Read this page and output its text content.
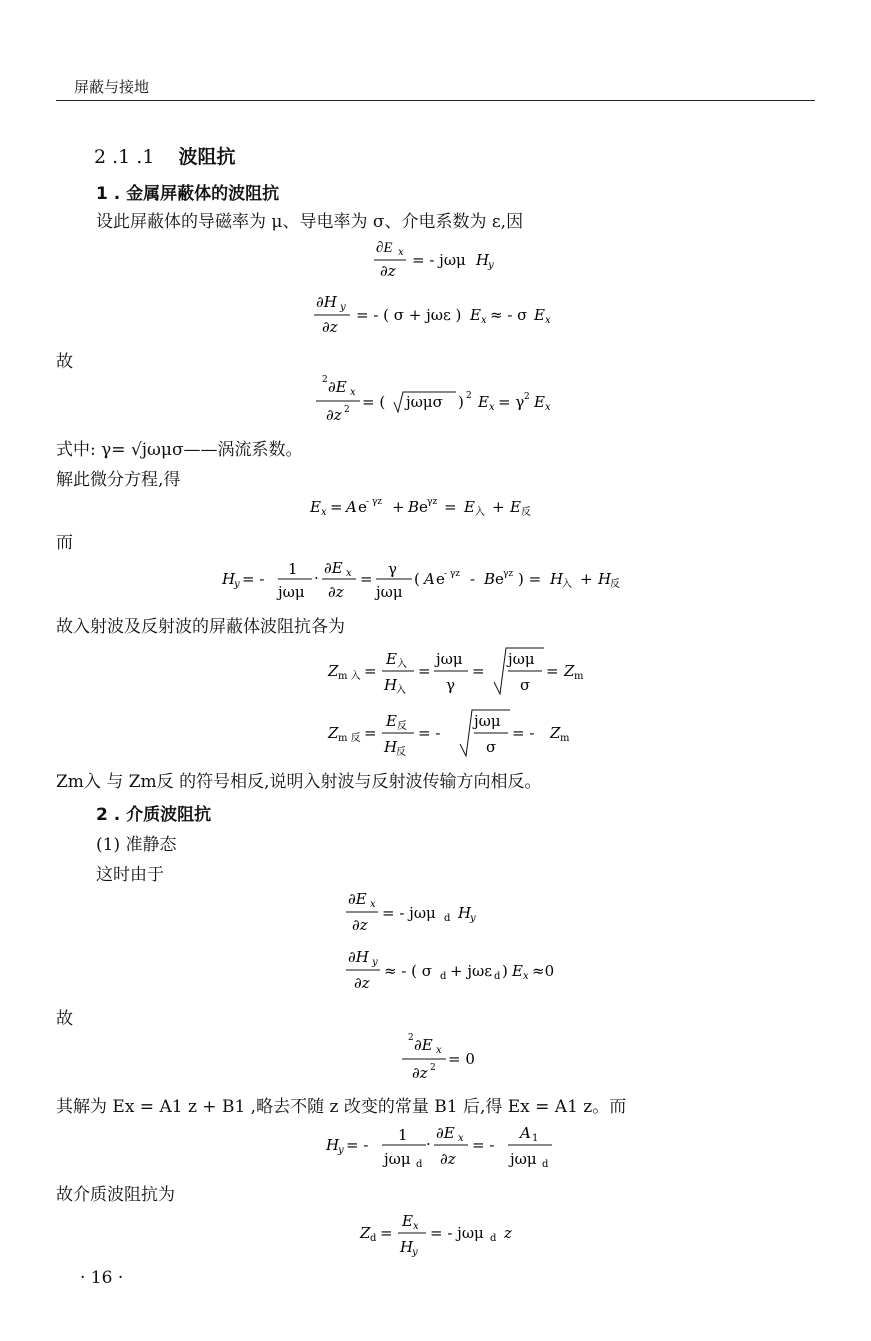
屏蔽与接地
2 .1 .1 波阻抗
1 . 金属屏蔽体的波阻抗
设此屏蔽体的导磁率为 μ、导电率为 σ、介电系数为 ε,因
∂E x
∂z
= - jωμ H
y
∂H y
∂z
= - ( σ + jωε ) E x ≈ - σ E x
故
2 ∂E x
∂z 2 = ( jωμσ ) 2 E x = γ 2 E x
式中: γ= √jωμσ——涡流系数。
解此微分方程,得
E x = A e - γz + B e γz = E 入 + E 反
而
H
y = -
1
jωμ
·
∂E x
∂z
=
γ
jωμ
( A e - γz - B e γz ) = H
入 + H
反
故入射波及反射波的屏蔽体波阻抗各为
Z m 入 =
E 入
H
入
=
jωμ
γ
=
jωμ
σ
= Z m
Z m 反 =
E 反
H
反
= -
jωμ
σ
= - Z m
Zm入 与 Zm反 的符号相反,说明入射波与反射波传输方向相反。
2 . 介质波阻抗
(1) 准静态
这时由于
∂E x
∂z
= - jωμ d H
y
∂H y
∂z
≈ - ( σ d + jωε d ) E x ≈0
故
2 ∂E x
∂z 2 = 0
其解为 Ex = A1 z + B1 ,略去不随 z 改变的常量 B1 后,得 Ex = A1 z。而
H
y = -
1
jωμ d
·
∂E x
∂z
= -
A 1
jωμ d
故介质波阻抗为
Z d =
E x
H
y
= - jωμ d z
· 16 ·
